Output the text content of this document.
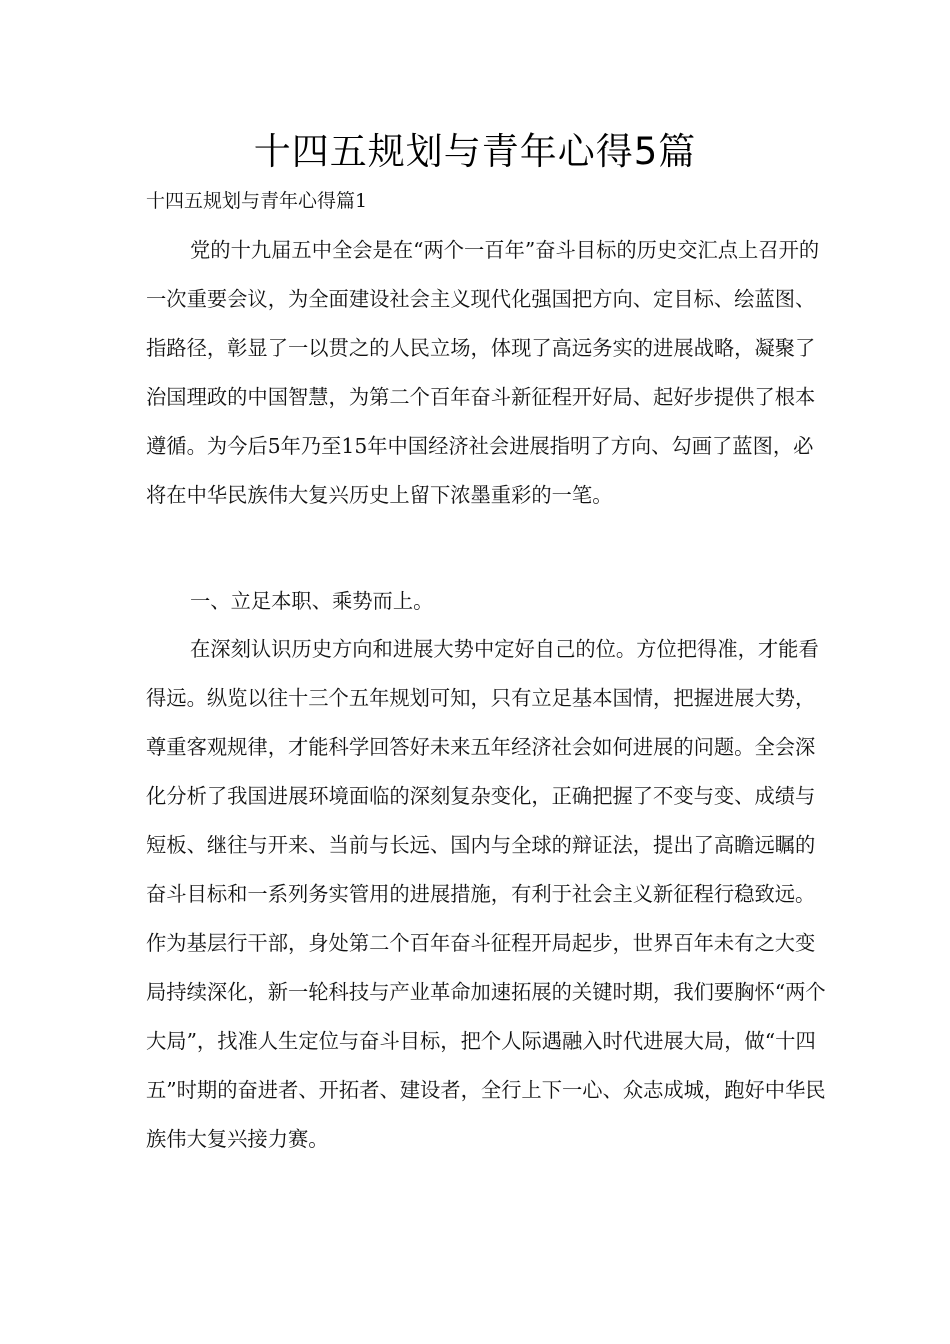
十四五规划与青年心得5篇
十四五规划与青年心得篇1

党的十九届五中全会是在“两个一百年”奋斗目标的历史交汇点上召开的一次重要会议，为全面建设社会主义现代化强国把方向、定目标、绘蓝图、指路径，彰显了一以贯之的人民立场，体现了高远务实的进展战略，凝聚了治国理政的中国智慧，为第二个百年奋斗新征程开好局、起好步提供了根本遵循。为今后5年乃至15年中国经济社会进展指明了方向、勾画了蓝图，必将在中华民族伟大复兴历史上留下浓墨重彩的一笔。

一、立足本职、乘势而上。

在深刻认识历史方向和进展大势中定好自己的位。方位把得准，才能看得远。纵览以往十三个五年规划可知，只有立足基本国情，把握进展大势，尊重客观规律，才能科学回答好未来五年经济社会如何进展的问题。全会深化分析了我国进展环境面临的深刻复杂变化，正确把握了不变与变、成绩与短板、继往与开来、当前与长远、国内与全球的辩证法，提出了高瞻远瞩的奋斗目标和一系列务实管用的进展措施，有利于社会主义新征程行稳致远。作为基层行干部，身处第二个百年奋斗征程开局起步，世界百年未有之大变局持续深化，新一轮科技与产业革命加速拓展的关键时期，我们要胸怀“两个大局”，找准人生定位与奋斗目标，把个人际遇融入时代进展大局，做“十四五”时期的奋进者、开拓者、建设者，全行上下一心、众志成城，跑好中华民族伟大复兴接力赛。
